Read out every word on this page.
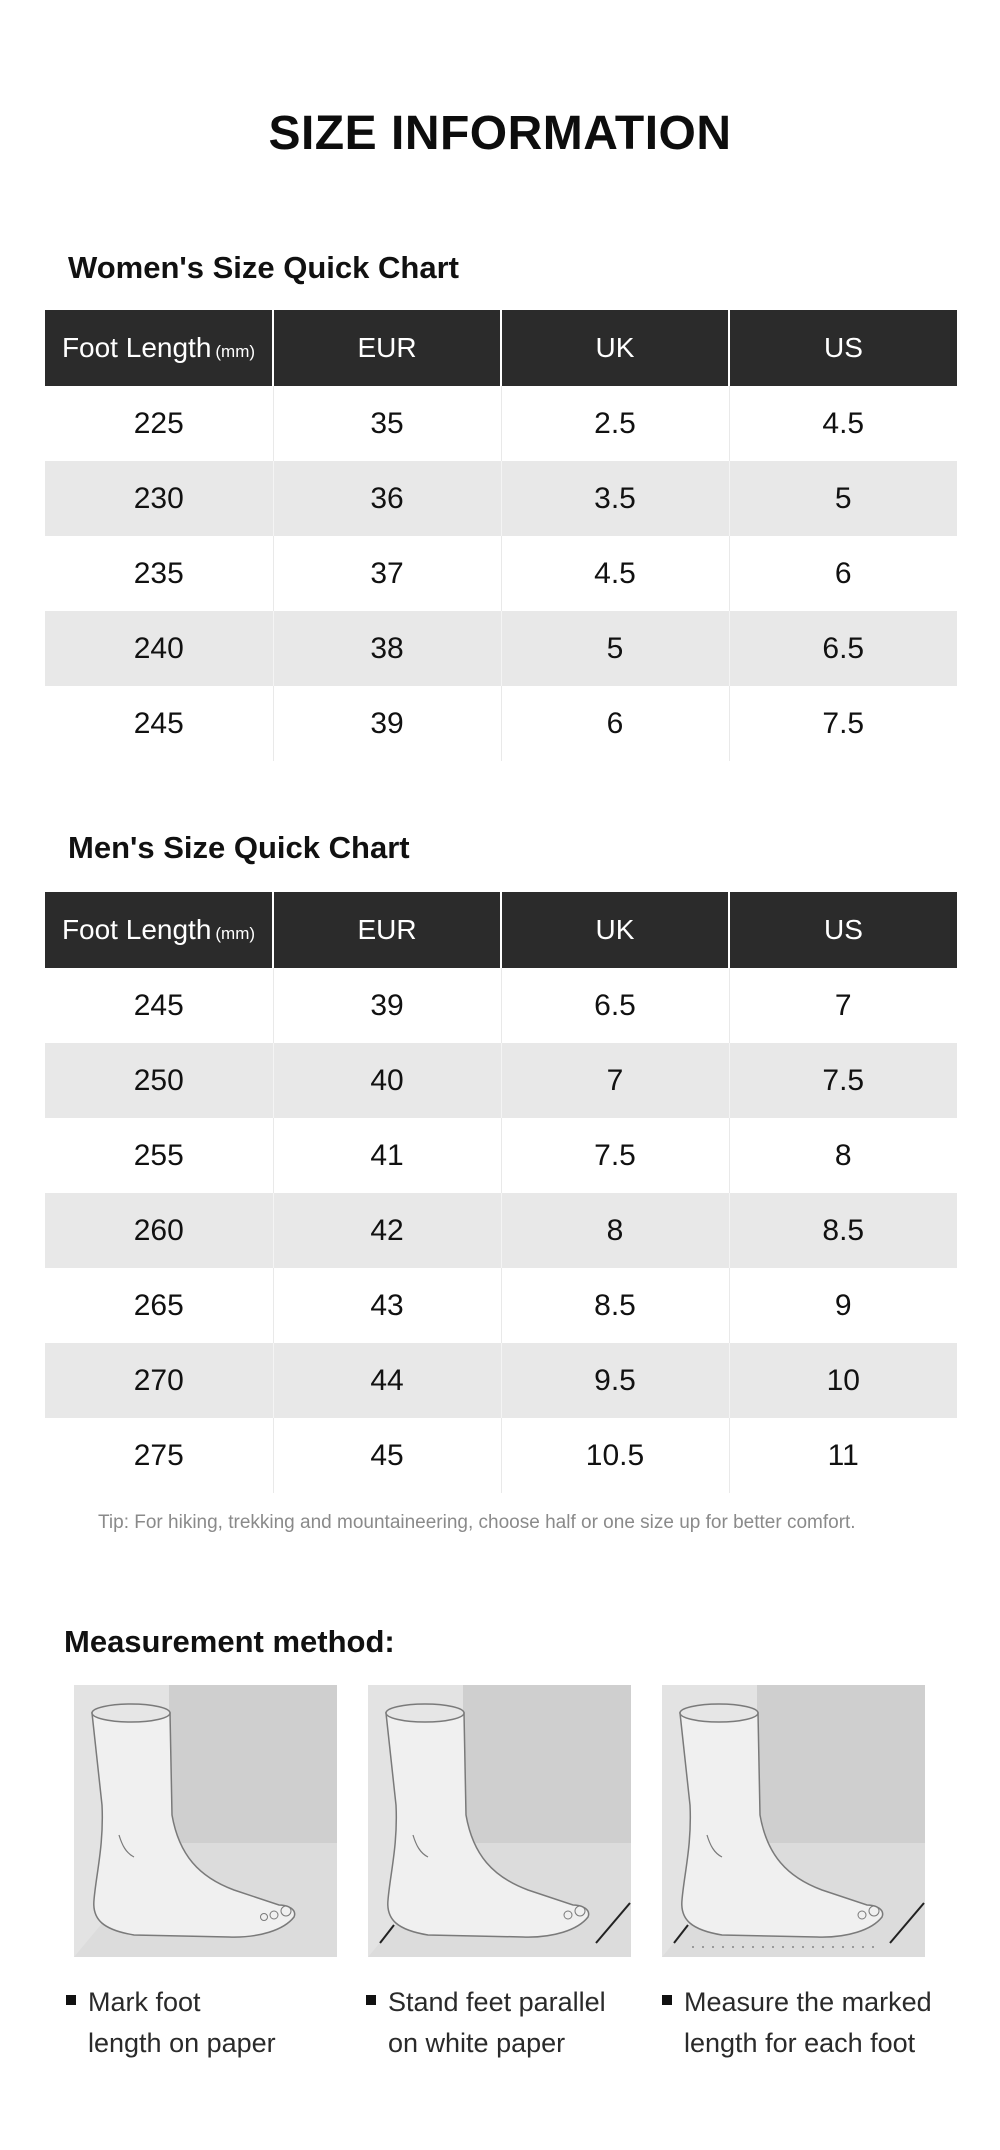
SIZE INFORMATION
Women's Size Quick Chart
Foot Length (mm)	EUR	UK	US
225	35	2.5	4.5
230	36	3.5	5
235	37	4.5	6
240	38	5	6.5
245	39	6	7.5
Men's Size Quick Chart
Foot Length (mm)	EUR	UK	US
245	39	6.5	7
250	40	7	7.5
255	41	7.5	8
260	42	8	8.5
265	43	8.5	9
270	44	9.5	10
275	45	10.5	11
Tip: For hiking, trekking and mountaineering, choose half or one size up for better comfort.
Measurement method:
Mark foot
length on paper
Stand feet parallel
on white paper
Measure the marked
length for each foot
